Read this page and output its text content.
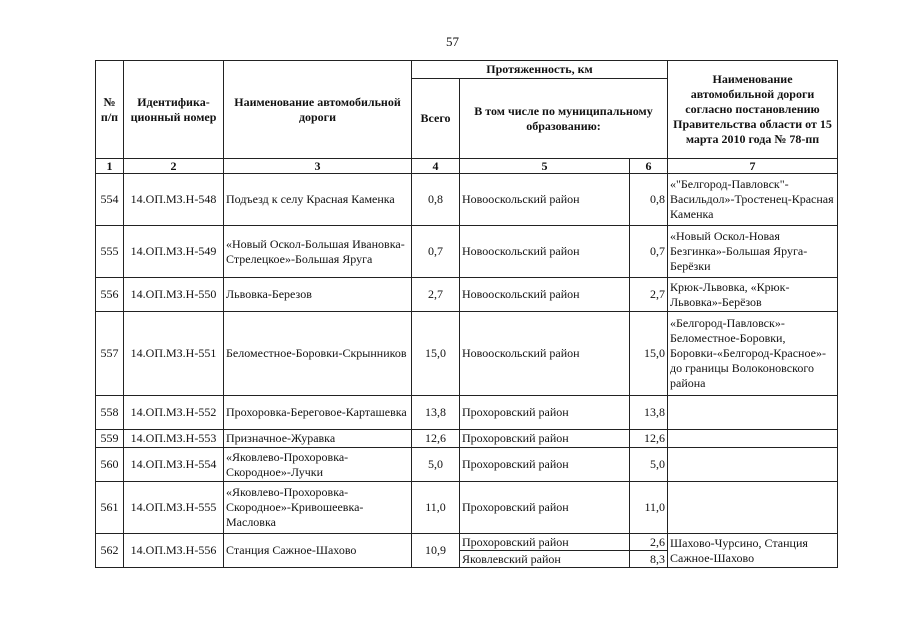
57
№ п/п	Идентифика-ционный номер	Наименование автомобильной дороги	Протяженность, км			Наименование автомобильной дороги согласно постановлению Правительства области от 15 марта 2010 года № 78-пп
			Всего	В том числе по муниципальному образованию:		
1	2	3	4	5	6	7
554	14.ОП.МЗ.Н-548	Подъезд к селу Красная Каменка	0,8	Новооскольский район	0,8	«"Белгород-Павловск"-Васильдол»-Тростенец-Красная Каменка
555	14.ОП.МЗ.Н-549	«Новый Оскол-Большая Ивановка-Стрелецкое»-Большая Яруга	0,7	Новооскольский район	0,7	«Новый Оскол-Новая Безгинка»-Большая Яруга-Берёзки
556	14.ОП.МЗ.Н-550	Львовка-Березов	2,7	Новооскольский район	2,7	Крюк-Львовка, «Крюк-Львовка»-Берёзов
557	14.ОП.МЗ.Н-551	Беломестное-Боровки-Скрынников	15,0	Новооскольский район	15,0	«Белгород-Павловск»-Беломестное-Боровки, Боровки-«Белгород-Красное»-до границы Волоконовского района
558	14.ОП.МЗ.Н-552	Прохоровка-Береговое-Карташевка	13,8	Прохоровский район	13,8	
559	14.ОП.МЗ.Н-553	Призначное-Журавка	12,6	Прохоровский район	12,6	
560	14.ОП.МЗ.Н-554	«Яковлево-Прохоровка-Скородное»-Лучки	5,0	Прохоровский район	5,0	
561	14.ОП.МЗ.Н-555	«Яковлево-Прохоровка-Скородное»-Кривошеевка-Масловка	11,0	Прохоровский район	11,0	
562	14.ОП.МЗ.Н-556	Станция Сажное-Шахово	10,9	Прохоровский район	2,6	Шахово-Чурсино, Станция Сажное-Шахово
				Яковлевский район	8,3	
